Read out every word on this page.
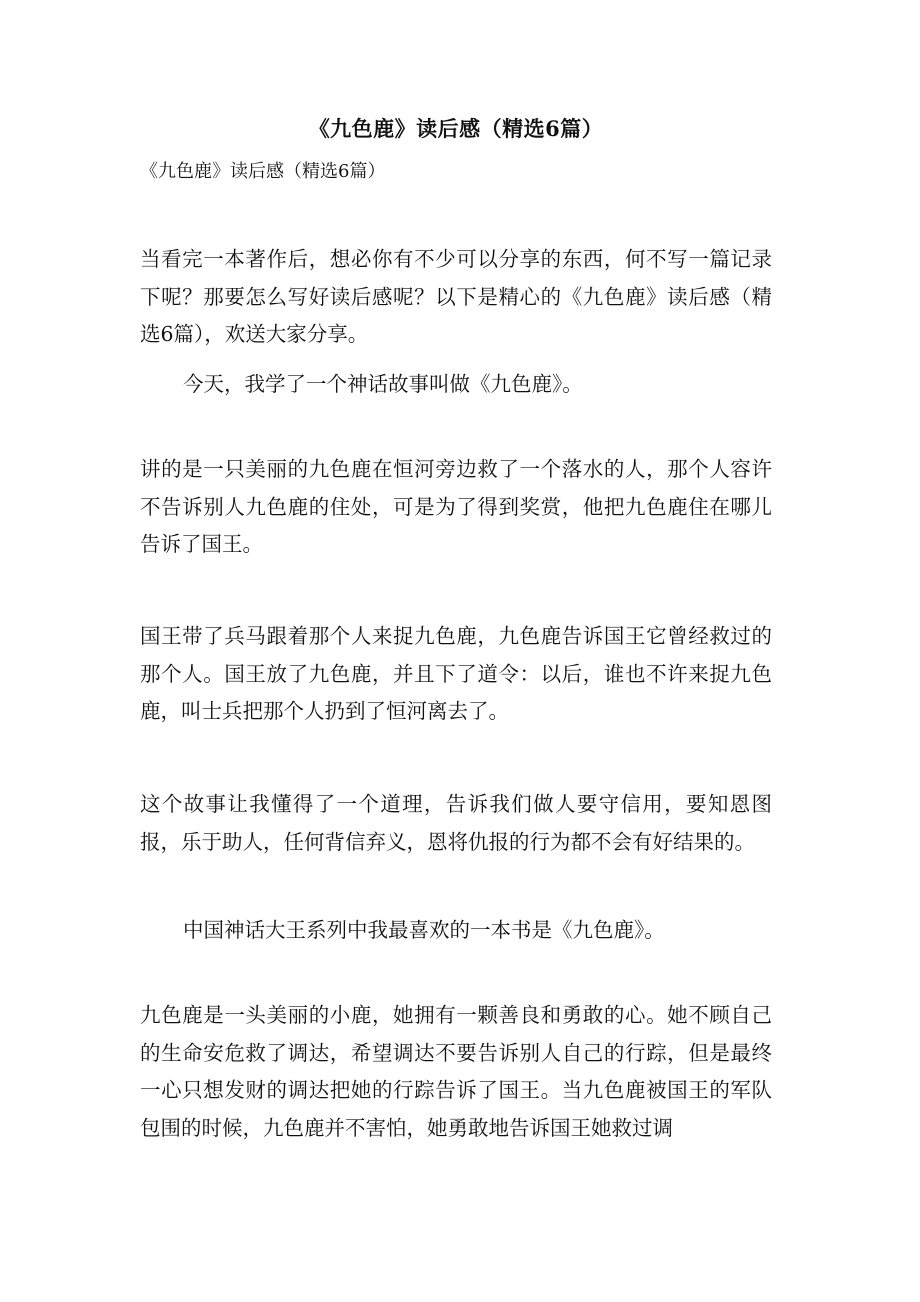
《九色鹿》读后感（精选6篇）
《九色鹿》读后感（精选6篇）

当看完一本著作后，想必你有不少可以分享的东西，何不写一篇记录下呢？那要怎么写好读后感呢？以下是精心的《九色鹿》读后感（精选6篇），欢送大家分享。

今天，我学了一个神话故事叫做《九色鹿》。

讲的是一只美丽的九色鹿在恒河旁边救了一个落水的人，那个人容许不告诉别人九色鹿的住处，可是为了得到奖赏，他把九色鹿住在哪儿告诉了国王。

国王带了兵马跟着那个人来捉九色鹿，九色鹿告诉国王它曾经救过的那个人。国王放了九色鹿，并且下了道令：以后，谁也不许来捉九色鹿，叫士兵把那个人扔到了恒河离去了。

这个故事让我懂得了一个道理，告诉我们做人要守信用，要知恩图报，乐于助人，任何背信弃义，恩将仇报的行为都不会有好结果的。

中国神话大王系列中我最喜欢的一本书是《九色鹿》。

九色鹿是一头美丽的小鹿，她拥有一颗善良和勇敢的心。她不顾自己的生命安危救了调达，希望调达不要告诉别人自己的行踪，但是最终一心只想发财的调达把她的行踪告诉了国王。当九色鹿被国王的军队包围的时候，九色鹿并不害怕，她勇敢地告诉国王她救过调
